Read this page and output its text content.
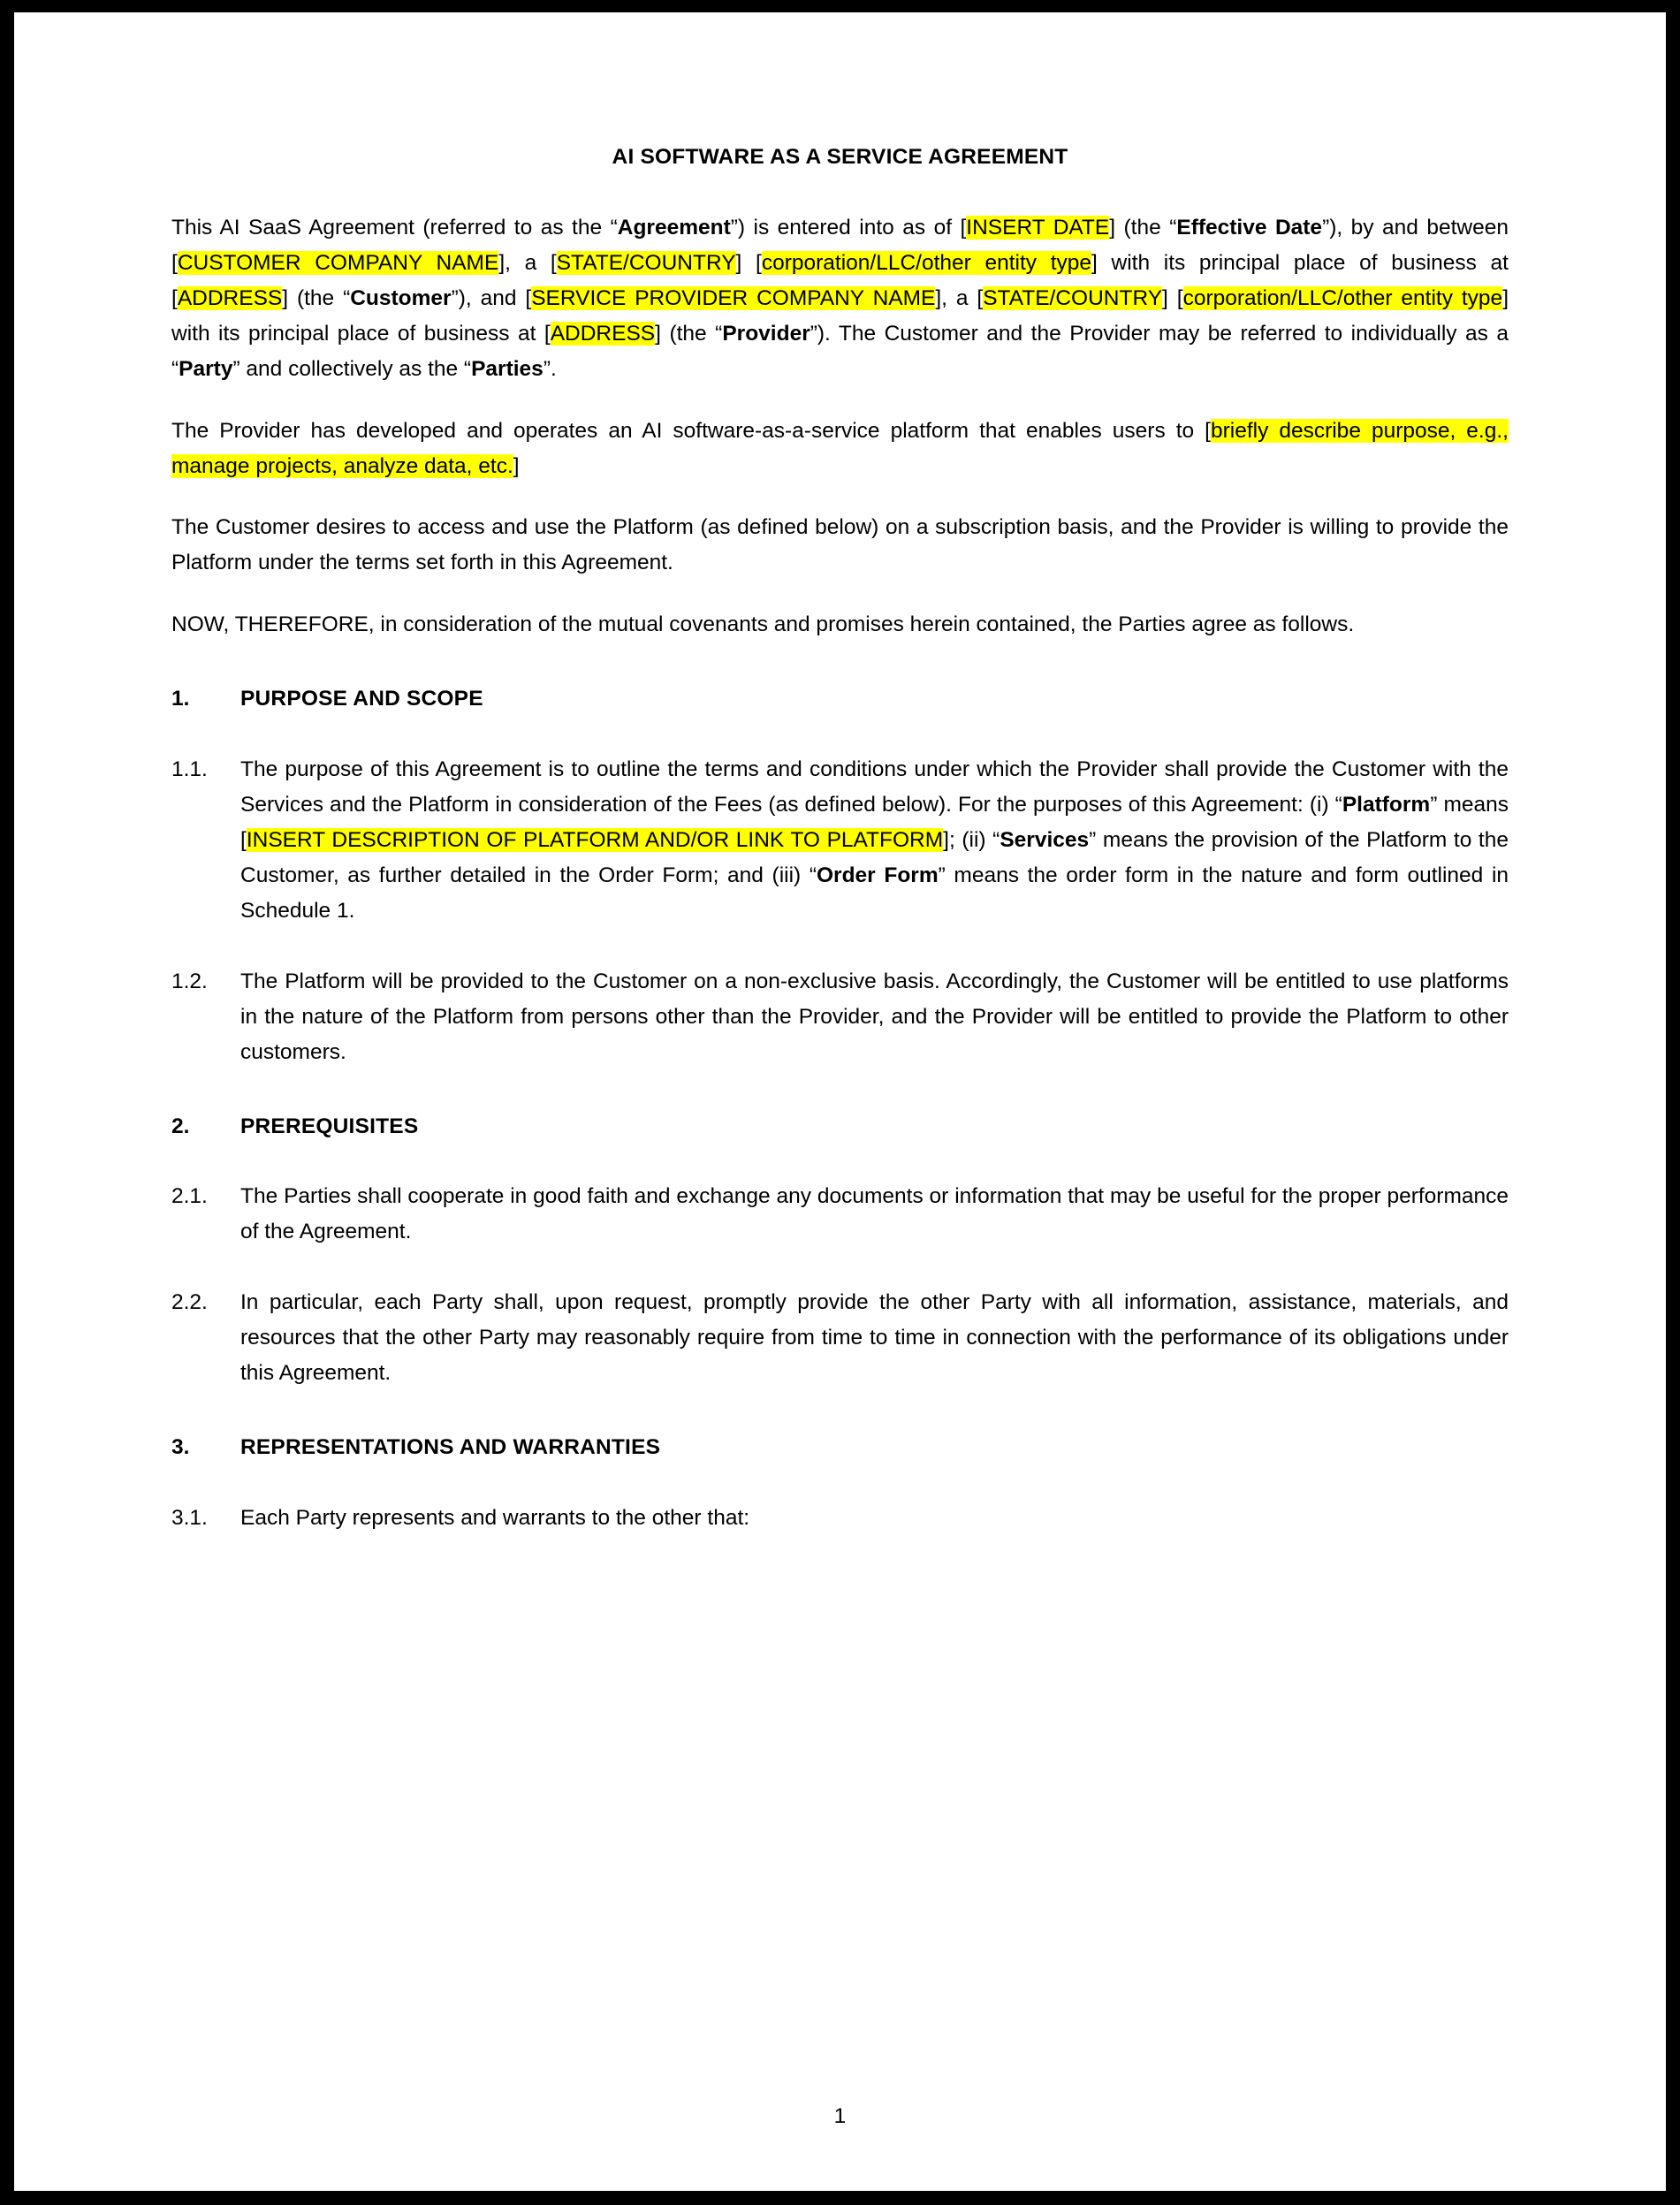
AI SOFTWARE AS A SERVICE AGREEMENT

This AI SaaS Agreement (referred to as the “Agreement”) is entered into as of [INSERT DATE] (the “Effective Date”), by and between [CUSTOMER COMPANY NAME], a [STATE/COUNTRY] [corporation/LLC/other entity type] with its principal place of business at [ADDRESS] (the “Customer”), and [SERVICE PROVIDER COMPANY NAME], a [STATE/COUNTRY] [corporation/LLC/other entity type] with its principal place of business at [ADDRESS] (the “Provider”). The Customer and the Provider may be referred to individually as a “Party” and collectively as the “Parties”.

The Provider has developed and operates an AI software-as-a-service platform that enables users to [briefly describe purpose, e.g., manage projects, analyze data, etc.]

The Customer desires to access and use the Platform (as defined below) on a subscription basis, and the Provider is willing to provide the Platform under the terms set forth in this Agreement.

NOW, THEREFORE, in consideration of the mutual covenants and promises herein contained, the Parties agree as follows.

1.	PURPOSE AND SCOPE
1.1.	The purpose of this Agreement is to outline the terms and conditions under which the Provider shall provide the Customer with the Services and the Platform in consideration of the Fees (as defined below). For the purposes of this Agreement: (i) “Platform” means [INSERT DESCRIPTION OF PLATFORM AND/OR LINK TO PLATFORM]; (ii) “Services” means the provision of the Platform to the Customer, as further detailed in the Order Form; and (iii) “Order Form” means the order form in the nature and form outlined in Schedule 1.
1.2.	The Platform will be provided to the Customer on a non-exclusive basis. Accordingly, the Customer will be entitled to use platforms in the nature of the Platform from persons other than the Provider, and the Provider will be entitled to provide the Platform to other customers.
2.	PREREQUISITES
2.1.	The Parties shall cooperate in good faith and exchange any documents or information that may be useful for the proper performance of the Agreement.
2.2.	In particular, each Party shall, upon request, promptly provide the other Party with all information, assistance, materials, and resources that the other Party may reasonably require from time to time in connection with the performance of its obligations under this Agreement.
3.	REPRESENTATIONS AND WARRANTIES
3.1.	Each Party represents and warrants to the other that:
1
